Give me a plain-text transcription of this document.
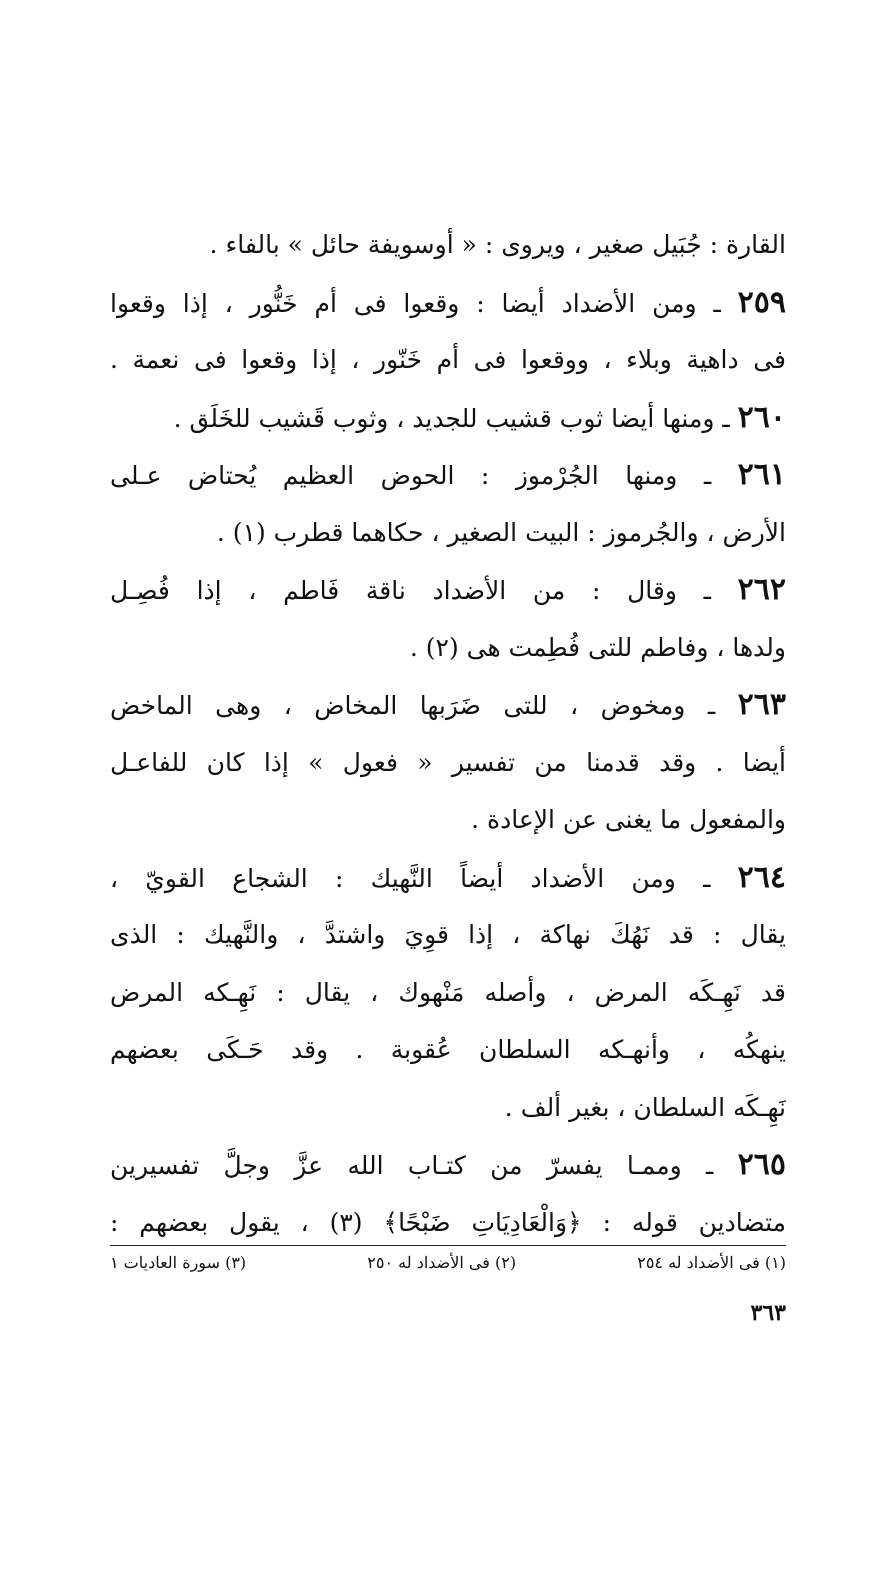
القارة : جُبَيل صغير ، ويروى : « أوسويفة حائل » بالفاء .
٢٥٩ ـ ومن الأضداد أيضا : وقعوا فى أم خَنُّور ، إذا وقعوا
فى داهية وبلاء ، ووقعوا فى أم خَنّور ، إذا وقعوا فى نعمة .
٢٦٠ ـ ومنها أيضا ثوب قشيب للجديد ، وثوب قَشيب للخَلَق .
٢٦١ ـ ومنها الجُرْموز : الحوض العظيم يُحتاض عـلى
الأرض ، والجُرموز : البيت الصغير ، حكاهما قطرب (١) .
٢٦٢ ـ وقال : من الأضداد ناقة فَاطم ، إذا فُصِـل
ولدها ، وفاطم للتى فُطِمت هى (٢) .
٢٦٣ ـ ومخوض ، للتى ضَرَبها المخاض ، وهى الماخض
أيضا . وقد قدمنا من تفسير « فعول » إذا كان للفاعـل
والمفعول ما يغنى عن الإعادة .
٢٦٤ ـ ومن الأضداد أيضاً النَّهيك : الشجاع القويّ ،
يقال : قد نَهُكَ نهاكة ، إذا قوِيَ واشتدَّ ، والنَّهيك : الذى
قد نَهِـكَه المرض ، وأصله مَنْهوك ، يقال : نَهِـكه المرض
ينهكُه ، وأنهـكه السلطان عُقوبة . وقد حَـكَى بعضهم
نَهِـكَه السلطان ، بغير ألف .
٢٦٥ ـ وممـا يفسرّ من كتـاب الله عزَّ وجلَّ تفسيرين
متضادين قوله : ﴿وَالْعَادِيَاتِ ضَبْحًا﴾ (٣) ، يقول بعضهم :
(١) فى الأضداد له ٢٥٤
(٢) فى الأضداد له ٢٥٠
(٣) سورة العاديات ١
٣٦٣
